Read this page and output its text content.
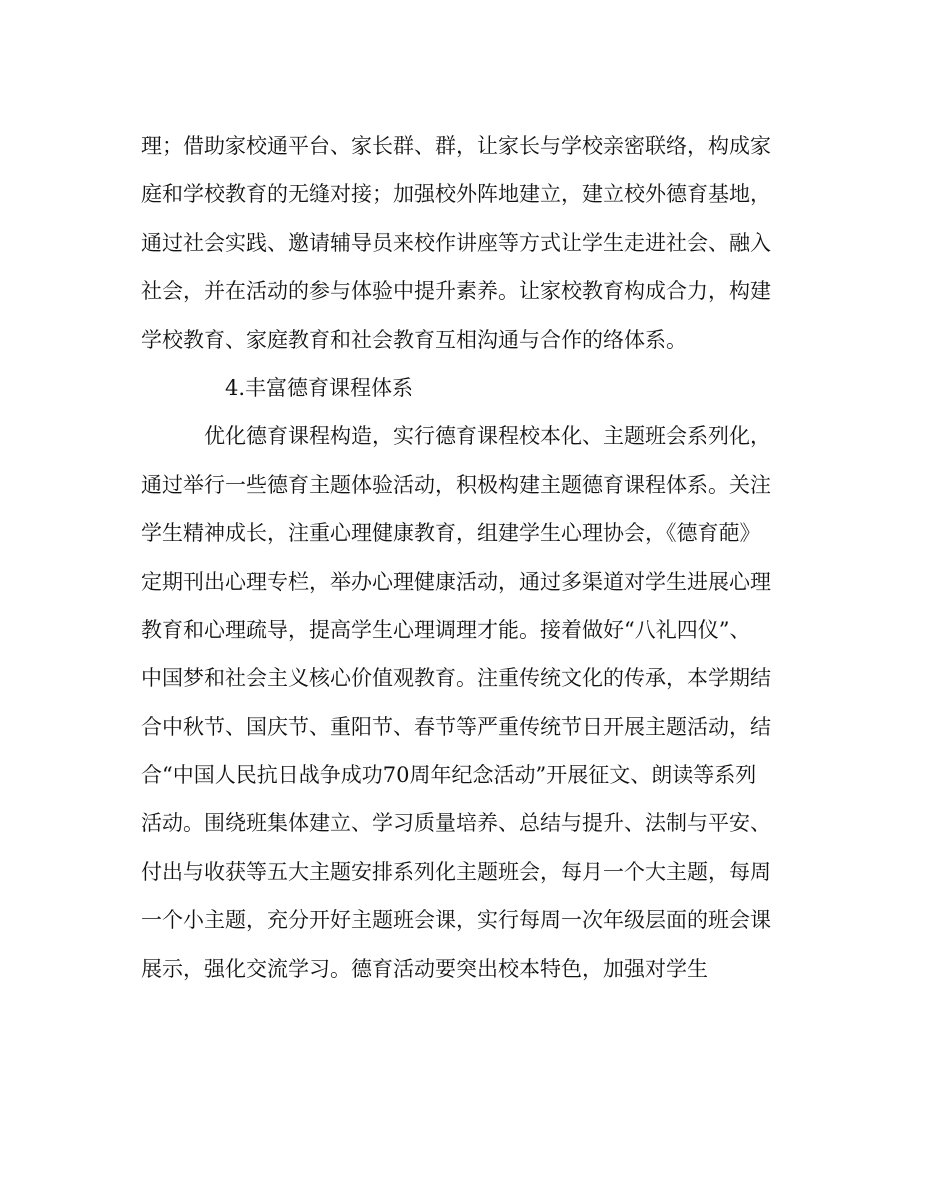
理；借助家校通平台、家长群、群，让家长与学校亲密联络，构成家
庭和学校教育的无缝对接；加强校外阵地建立，建立校外德育基地，
通过社会实践、邀请辅导员来校作讲座等方式让学生走进社会、融入
社会，并在活动的参与体验中提升素养。让家校教育构成合力，构建
学校教育、家庭教育和社会教育互相沟通与合作的络体系。
4.丰富德育课程体系
优化德育课程构造，实行德育课程校本化、主题班会系列化，
通过举行一些德育主题体验活动，积极构建主题德育课程体系。关注
学生精神成长，注重心理健康教育，组建学生心理协会，《德育葩》
定期刊出心理专栏，举办心理健康活动，通过多渠道对学生进展心理
教育和心理疏导，提高学生心理调理才能。接着做好“八礼四仪”、
中国梦和社会主义核心价值观教育。注重传统文化的传承，本学期结
合中秋节、国庆节、重阳节、春节等严重传统节日开展主题活动，结
合“中国人民抗日战争成功70周年纪念活动”开展征文、朗读等系列
活动。围绕班集体建立、学习质量培养、总结与提升、法制与平安、
付出与收获等五大主题安排系列化主题班会，每月一个大主题，每周
一个小主题，充分开好主题班会课，实行每周一次年级层面的班会课
展示，强化交流学习。德育活动要突出校本特色，加强对学生
